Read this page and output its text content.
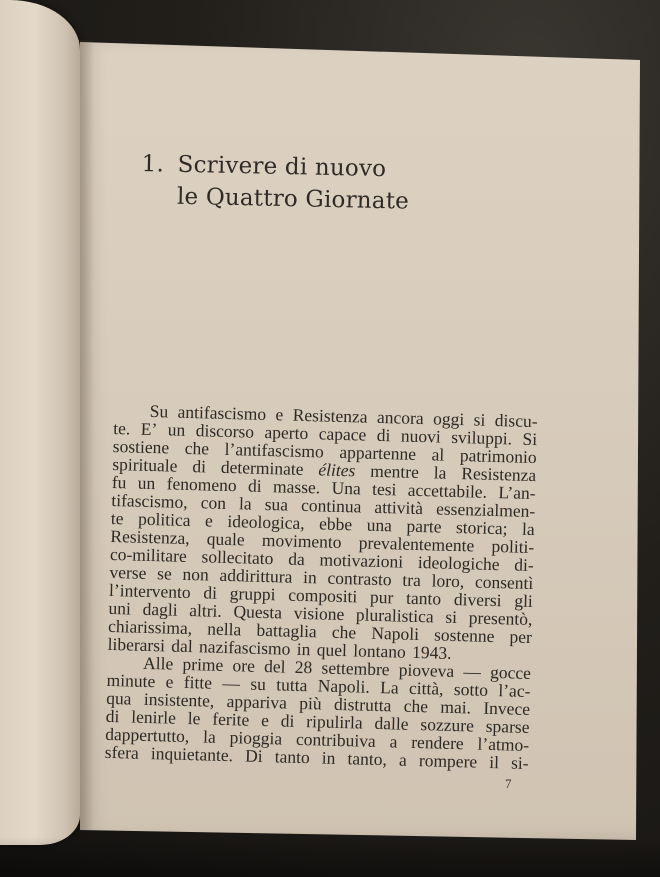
1. Scrivere di nuovo
le Quattro Giornate
Su antifascismo e Resistenza ancora oggi si discu-
te. E’ un discorso aperto capace di nuovi sviluppi. Si
sostiene che l’antifascismo appartenne al patrimonio
spirituale di determinate élites mentre la Resistenza
fu un fenomeno di masse. Una tesi accettabile. L’an-
tifascismo, con la sua continua attività essenzialmen-
te politica e ideologica, ebbe una parte storica; la
Resistenza, quale movimento prevalentemente politi-
co-militare sollecitato da motivazioni ideologiche di-
verse se non addirittura in contrasto tra loro, consentì
l’intervento di gruppi compositi pur tanto diversi gli
uni dagli altri. Questa visione pluralistica si presentò,
chiarissima, nella battaglia che Napoli sostenne per
liberarsi dal nazifascismo in quel lontano 1943.
Alle prime ore del 28 settembre pioveva — gocce
minute e fitte — su tutta Napoli. La città, sotto l’ac-
qua insistente, appariva più distrutta che mai. Invece
di lenirle le ferite e di ripulirla dalle sozzure sparse
dappertutto, la pioggia contribuiva a rendere l’atmo-
sfera inquietante. Di tanto in tanto, a rompere il si-
7
